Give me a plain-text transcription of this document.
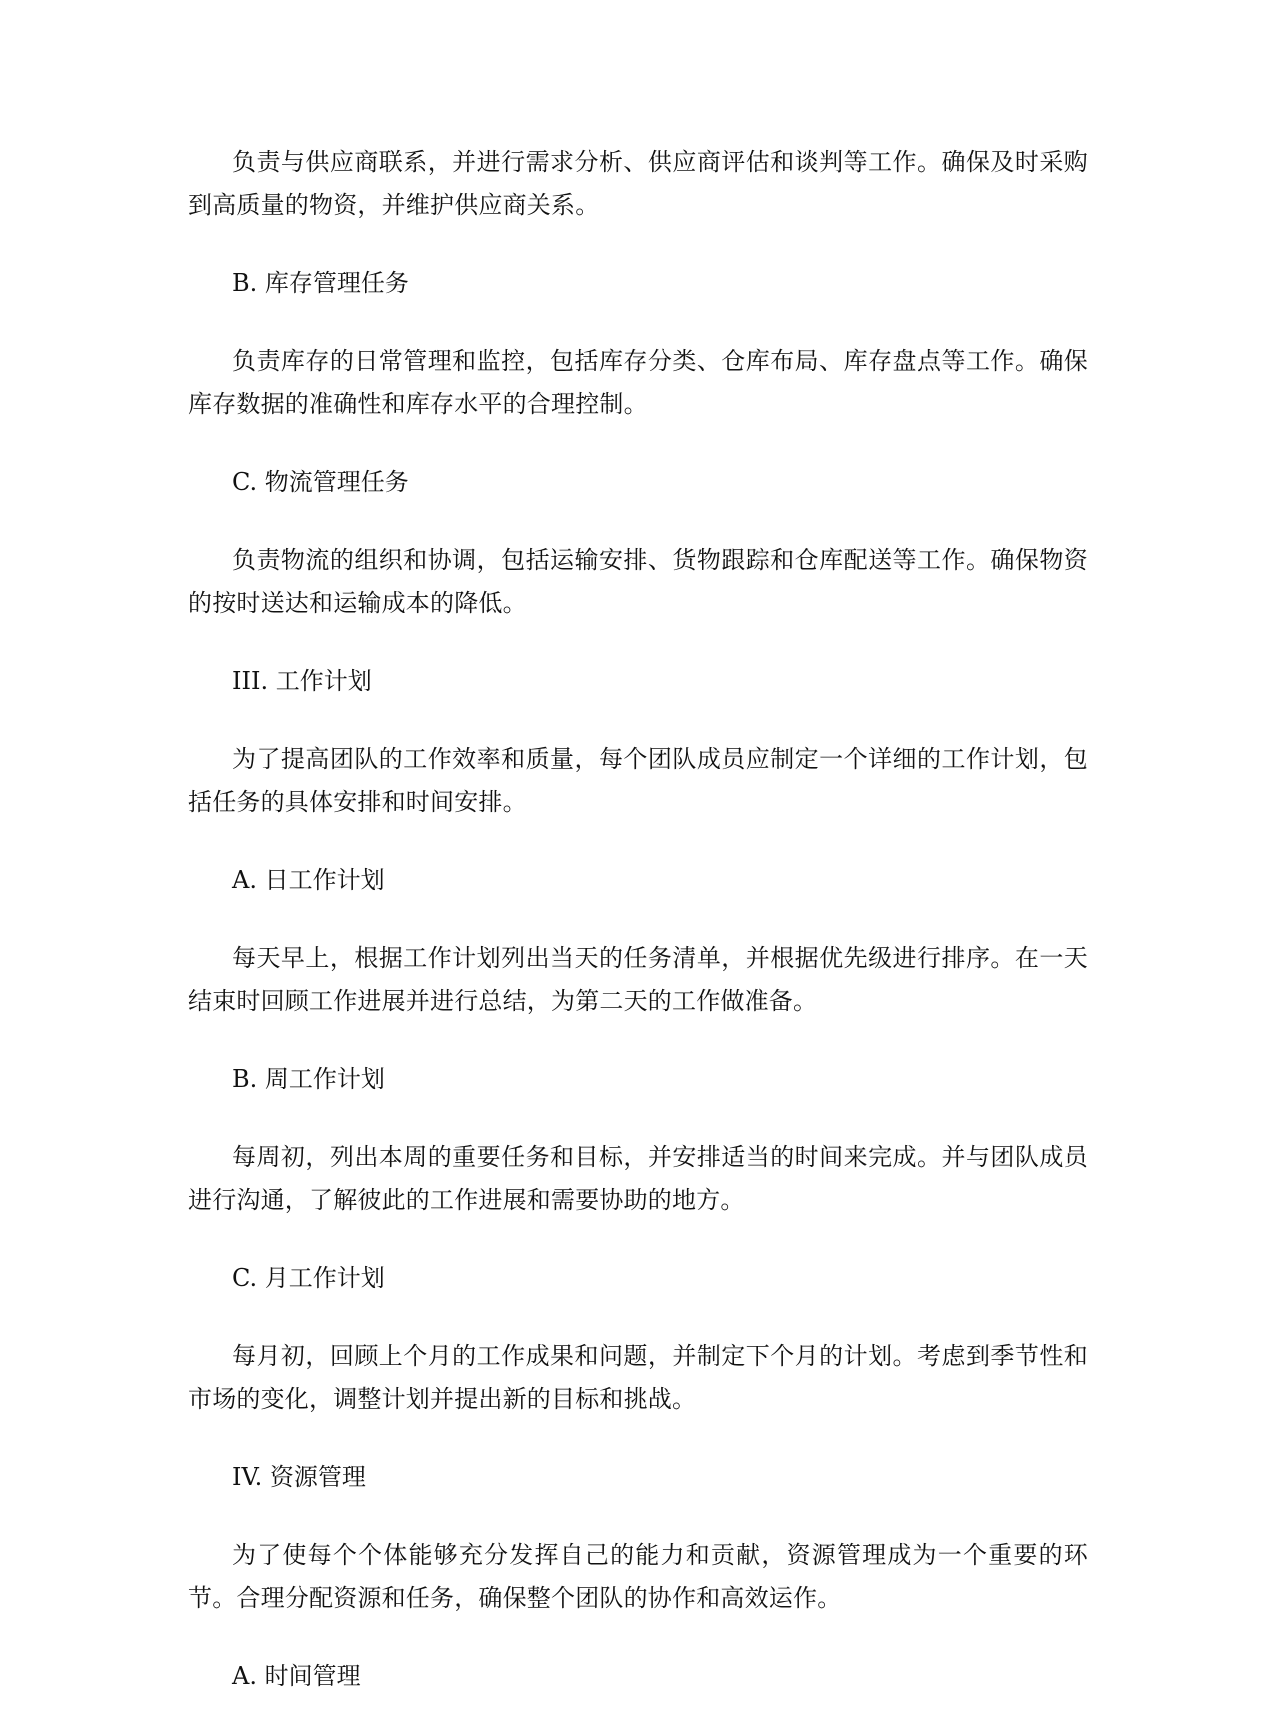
负责与供应商联系，并进行需求分析、供应商评估和谈判等工作。确保及时采购到高质量的物资，并维护供应商关系。

B. 库存管理任务

负责库存的日常管理和监控，包括库存分类、仓库布局、库存盘点等工作。确保库存数据的准确性和库存水平的合理控制。

C. 物流管理任务

负责物流的组织和协调，包括运输安排、货物跟踪和仓库配送等工作。确保物资的按时送达和运输成本的降低。

III. 工作计划

为了提高团队的工作效率和质量，每个团队成员应制定一个详细的工作计划，包括任务的具体安排和时间安排。

A. 日工作计划

每天早上，根据工作计划列出当天的任务清单，并根据优先级进行排序。在一天结束时回顾工作进展并进行总结，为第二天的工作做准备。

B. 周工作计划

每周初，列出本周的重要任务和目标，并安排适当的时间来完成。并与团队成员进行沟通，了解彼此的工作进展和需要协助的地方。

C. 月工作计划

每月初，回顾上个月的工作成果和问题，并制定下个月的计划。考虑到季节性和市场的变化，调整计划并提出新的目标和挑战。

IV. 资源管理

为了使每个个体能够充分发挥自己的能力和贡献，资源管理成为一个重要的环节。合理分配资源和任务，确保整个团队的协作和高效运作。

A. 时间管理
